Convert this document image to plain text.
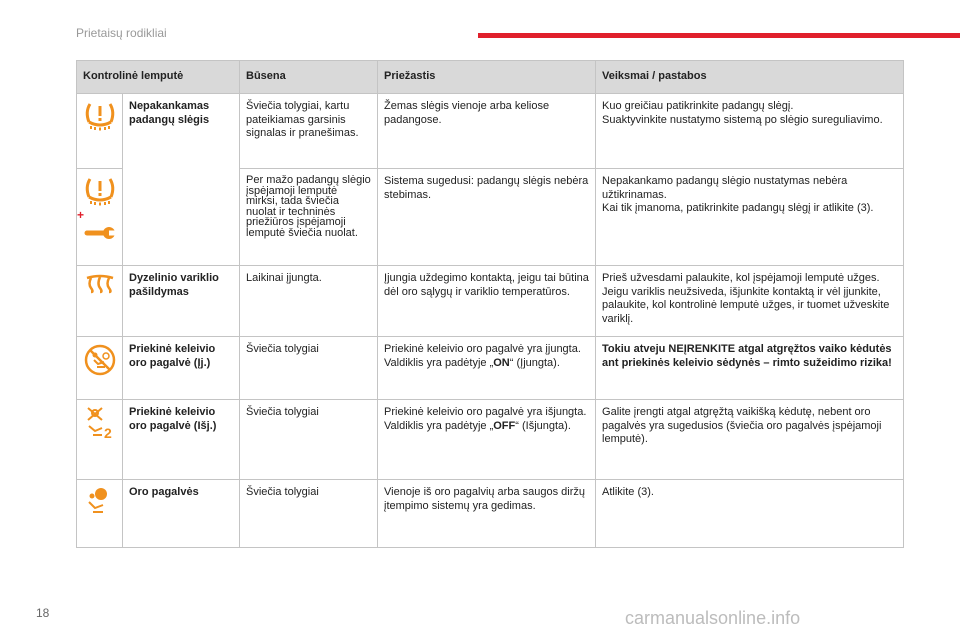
Prietaisų rodikliai
Kontrolinė lemputė		Būsena	Priežastis	Veiksmai / pastabos

	Nepakankamas padangų slėgis	Šviečia tolygiai, kartu pateikiamas garsinis signalas ir pranešimas.	Žemas slėgis vienoje arba keliose padangose.	Kuo greičiau patikrinkite padangų slėgį.
Suaktyvinkite nustatymo sistemą po slėgio sureguliavimo.

+		Per mažo padangų slėgio įspėjamoji lemputė mirksi, tada šviečia nuolat ir techninės priežiūros įspėjamoji lemputė šviečia nuolat.	Sistema sugedusi: padangų slėgis nebėra stebimas.	Nepakankamo padangų slėgio nustatymas nebėra užtikrinamas.
Kai tik įmanoma, patikrinkite padangų slėgį ir atlikite (3).

	Dyzelinio variklio pašildymas	Laikinai įjungta.	Įjungia uždegimo kontaktą, jeigu tai būtina dėl oro sąlygų ir variklio temperatūros.	Prieš užvesdami palaukite, kol įspėjamoji lemputė užges.
Jeigu variklis neužsiveda, išjunkite kontaktą ir vėl įjunkite, palaukite, kol kontrolinė lemputė užges, ir tuomet užveskite variklį.

	Priekinė keleivio oro pagalvė (Įj.)	Šviečia tolygiai	Priekinė keleivio oro pagalvė yra įjungta.
Valdiklis yra padėtyje „ON“ (Įjungta).	Tokiu atveju NEĮRENKITE atgal atgręžtos vaiko kėdutės ant priekinės keleivio sėdynės – rimto sužeidimo rizika!

2	Priekinė keleivio oro pagalvė (Išj.)	Šviečia tolygiai	Priekinė keleivio oro pagalvė yra išjungta.
Valdiklis yra padėtyje „OFF“ (Išjungta).	Galite įrengti atgal atgręžtą vaikišką kėdutę, nebent oro pagalvės yra sugedusios (šviečia oro pagalvės įspėjamoji lemputė).

	Oro pagalvės	Šviečia tolygiai	Vienoje iš oro pagalvių arba saugos diržų įtempimo sistemų yra gedimas.	Atlikite (3).
18	carmanualsonline.info
